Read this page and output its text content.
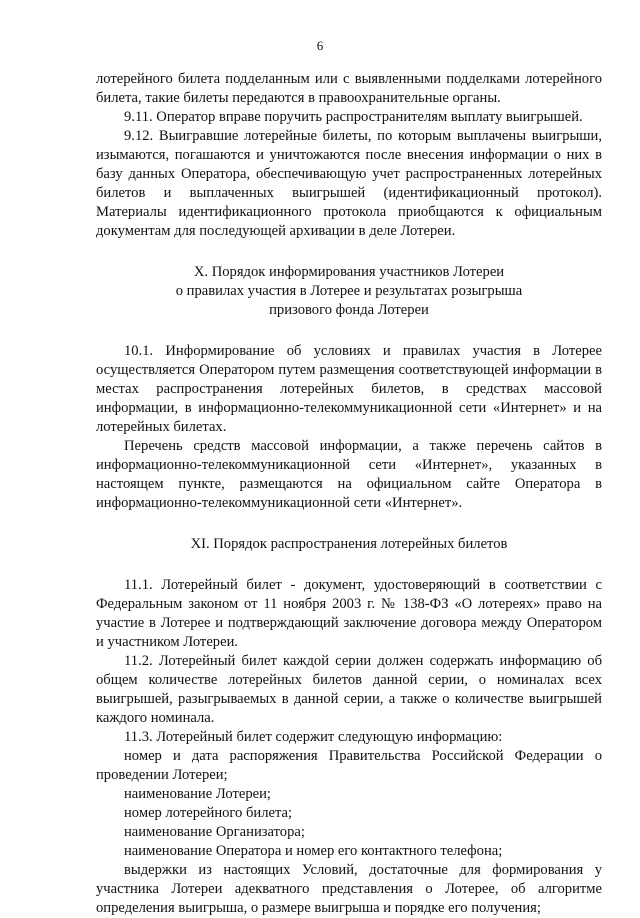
6

лотерейного билета подделанным или с выявленными подделками лотерейного билета, такие билеты передаются в правоохранительные органы.

9.11. Оператор вправе поручить распространителям выплату выигрышей.

9.12. Выигравшие лотерейные билеты, по которым выплачены выигрыши, изымаются, погашаются и уничтожаются после внесения информации о них в базу данных Оператора, обеспечивающую учет распространенных лотерейных билетов и выплаченных выигрышей (идентификационный протокол). Материалы идентификационного протокола приобщаются к официальным документам для последующей архивации в деле Лотереи.

X. Порядок информирования участников Лотереи
о правилах участия в Лотерее и результатах розыгрыша
призового фонда Лотереи

10.1. Информирование об условиях и правилах участия в Лотерее осуществляется Оператором путем размещения соответствующей информации в местах распространения лотерейных билетов, в средствах массовой информации, в информационно-телекоммуникационной сети «Интернет» и на лотерейных билетах.

Перечень средств массовой информации, а также перечень сайтов в информационно-телекоммуникационной сети «Интернет», указанных в настоящем пункте, размещаются на официальном сайте Оператора в информационно-телекоммуникационной сети «Интернет».

XI. Порядок распространения лотерейных билетов

11.1. Лотерейный билет - документ, удостоверяющий в соответствии с Федеральным законом от 11 ноября 2003 г. № 138-ФЗ «О лотереях» право на участие в Лотерее и подтверждающий заключение договора между Оператором и участником Лотереи.

11.2. Лотерейный билет каждой серии должен содержать информацию об общем количестве лотерейных билетов данной серии, о номиналах всех выигрышей, разыгрываемых в данной серии, а также о количестве выигрышей каждого номинала.

11.3. Лотерейный билет содержит следующую информацию:

номер и дата распоряжения Правительства Российской Федерации о проведении Лотереи;

наименование Лотереи;

номер лотерейного билета;

наименование Организатора;

наименование Оператора и номер его контактного телефона;

выдержки из настоящих Условий, достаточные для формирования у участника Лотереи адекватного представления о Лотерее, об алгоритме определения выигрыша, о размере выигрыша и порядке его получения;
